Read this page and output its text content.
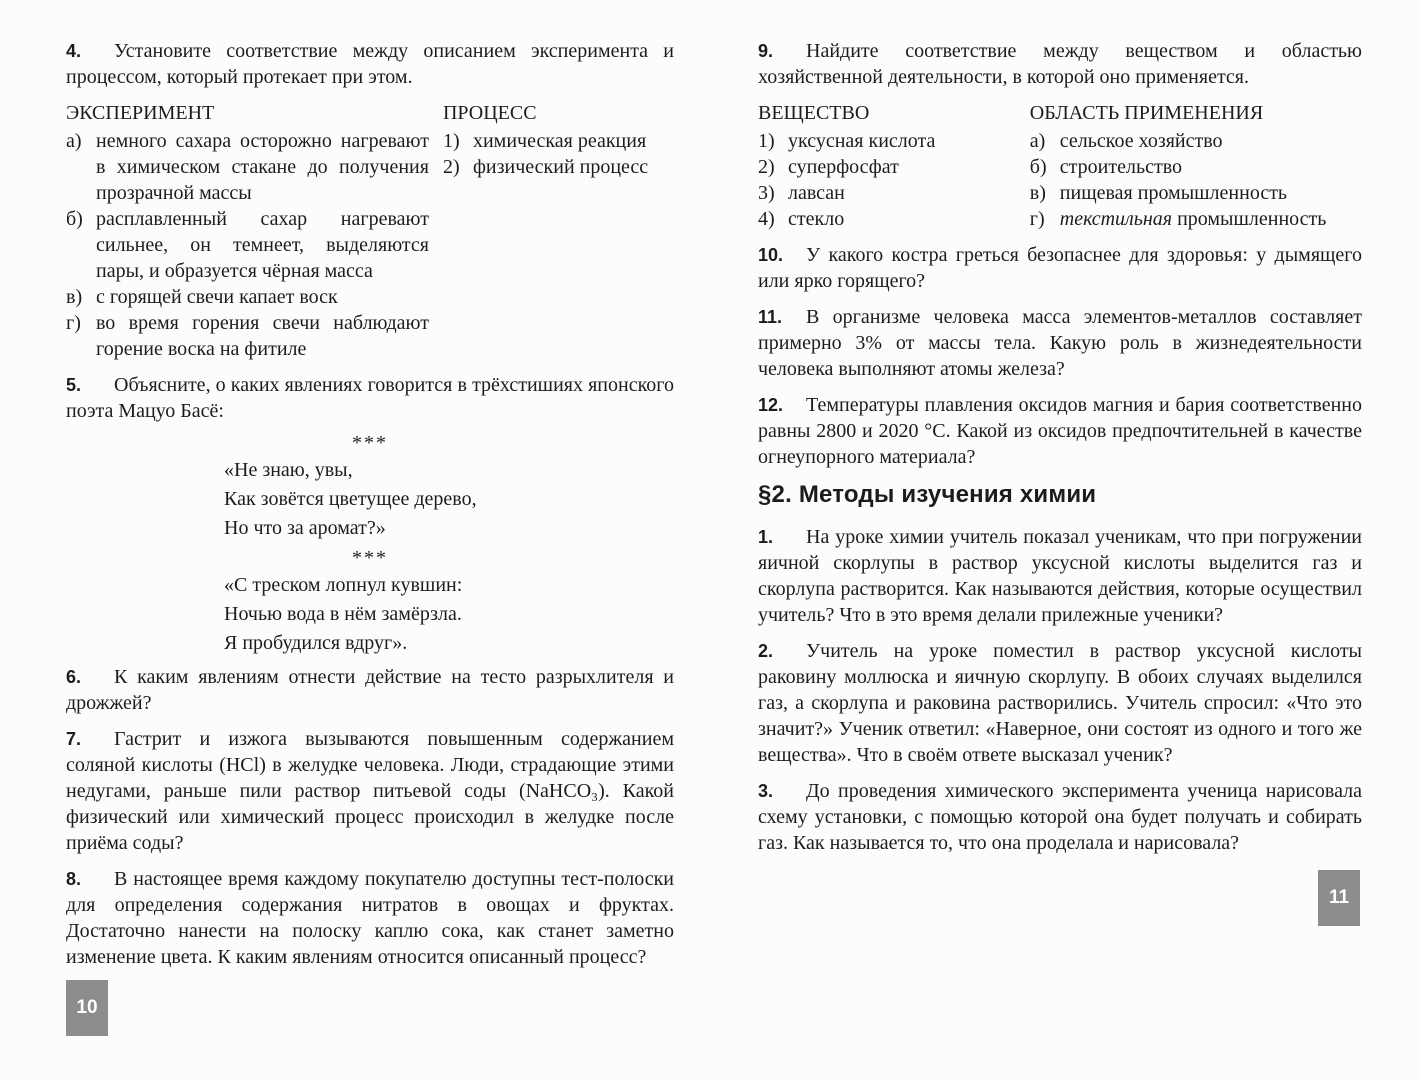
4. Установите соответствие между описанием эксперимента и процессом, который протекает при этом.

ЭКСПЕРИМЕНТ
а) немного сахара осторожно нагревают в химическом стакане до получения прозрачной массы
б) расплавленный сахар нагревают сильнее, он темнеет, выделяются пары, и образуется чёрная масса
в) с горящей свечи капает воск
г) во время горения свечи наблюдают горение воска на фитиле
ПРОЦЕСС
1) химическая реакция
2) физический процесс

5. Объясните, о каких явлениях говорится в трёхстишиях японского поэта Мацуо Басё:

***
«Не знаю, увы,
Как зовётся цветущее дерево,
Но что за аромат?»
***
«С треском лопнул кувшин:
Ночью вода в нём замёрзла.
Я пробудился вдруг».

6. К каким явлениям отнести действие на тесто разрыхлителя и дрожжей?

7. Гастрит и изжога вызываются повышенным содержанием соляной кислоты (HCl) в желудке человека. Люди, страдающие этими недугами, раньше пили раствор питьевой соды (NaHCO₃). Какой физический или химический процесс происходил в желудке после приёма соды?

8. В настоящее время каждому покупателю доступны тест-полоски для определения содержания нитратов в овощах и фруктах. Достаточно нанести на полоску каплю сока, как станет заметно изменение цвета. К каким явлениям относится описанный процесс?

10

9. Найдите соответствие между веществом и областью хозяйственной деятельности, в которой оно применяется.

ВЕЩЕСТВО
1) уксусная кислота
2) суперфосфат
3) лавсан
4) стекло
ОБЛАСТЬ ПРИМЕНЕНИЯ
а) сельское хозяйство
б) строительство
в) пищевая промышленность
г) текстильная промышленность

10. У какого костра греться безопаснее для здоровья: у дымящего или ярко горящего?

11. В организме человека масса элементов-металлов составляет примерно 3% от массы тела. Какую роль в жизнедеятельности человека выполняют атомы железа?

12. Температуры плавления оксидов магния и бария соответственно равны 2800 и 2020 °C. Какой из оксидов предпочтительней в качестве огнеупорного материала?

§2. Методы изучения химии

1. На уроке химии учитель показал ученикам, что при погружении яичной скорлупы в раствор уксусной кислоты выделится газ и скорлупа растворится. Как называются действия, которые осуществил учитель? Что в это время делали прилежные ученики?

2. Учитель на уроке поместил в раствор уксусной кислоты раковину моллюска и яичную скорлупу. В обоих случаях выделился газ, а скорлупа и раковина растворились. Учитель спросил: «Что это значит?» Ученик ответил: «Наверное, они состоят из одного и того же вещества». Что в своём ответе высказал ученик?

3. До проведения химического эксперимента ученица нарисовала схему установки, с помощью которой она будет получать и собирать газ. Как называется то, что она проделала и нарисовала?

11
